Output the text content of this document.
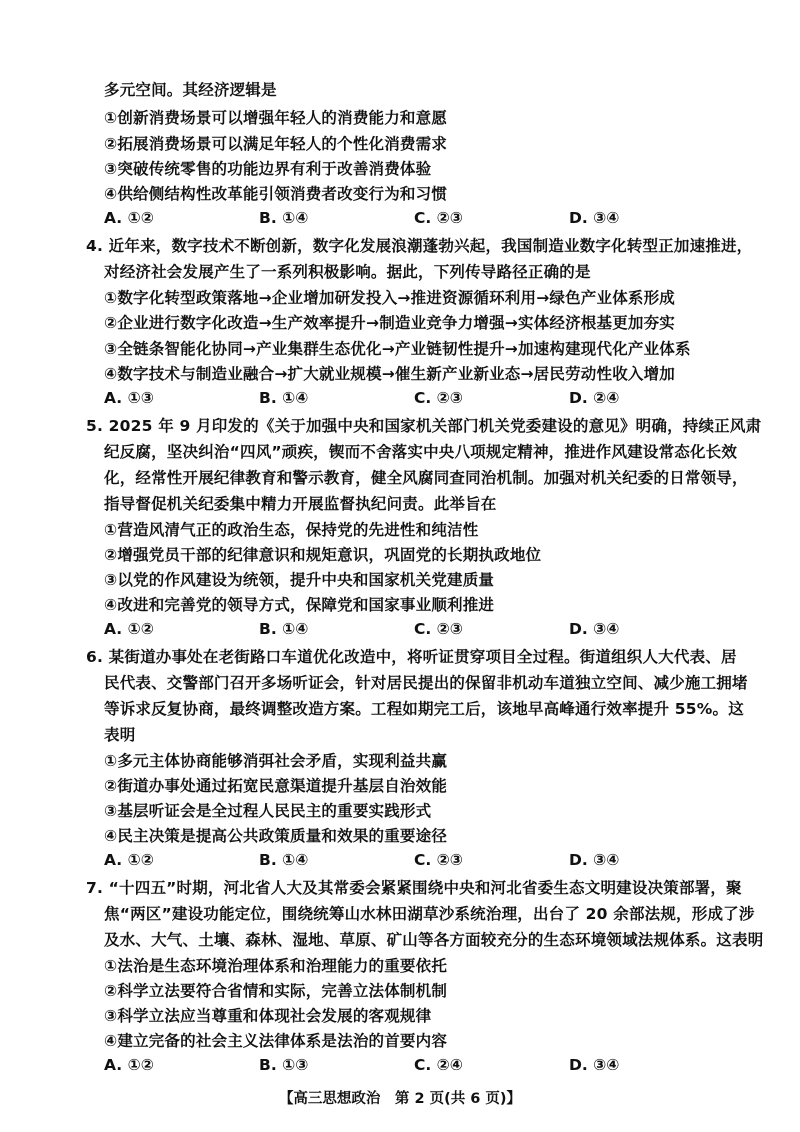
多元空间。其经济逻辑是
①创新消费场景可以增强年轻人的消费能力和意愿
②拓展消费场景可以满足年轻人的个性化消费需求
③突破传统零售的功能边界有利于改善消费体验
④供给侧结构性改革能引领消费者改变行为和习惯
A. ①②	B. ①④	C. ②③	D. ③④
4. 近年来，数字技术不断创新，数字化发展浪潮蓬勃兴起，我国制造业数字化转型正加速推进，
对经济社会发展产生了一系列积极影响。据此，下列传导路径正确的是
①数字化转型政策落地→企业增加研发投入→推进资源循环利用→绿色产业体系形成
②企业进行数字化改造→生产效率提升→制造业竞争力增强→实体经济根基更加夯实
③全链条智能化协同→产业集群生态优化→产业链韧性提升→加速构建现代化产业体系
④数字技术与制造业融合→扩大就业规模→催生新产业新业态→居民劳动性收入增加
A. ①③	B. ①④	C. ②③	D. ②④
5. 2025 年 9 月印发的《关于加强中央和国家机关部门机关党委建设的意见》明确，持续正风肃
纪反腐，坚决纠治“四风”顽疾，锲而不舍落实中央八项规定精神，推进作风建设常态化长效
化，经常性开展纪律教育和警示教育，健全风腐同查同治机制。加强对机关纪委的日常领导，
指导督促机关纪委集中精力开展监督执纪问责。此举旨在
①营造风清气正的政治生态，保持党的先进性和纯洁性
②增强党员干部的纪律意识和规矩意识，巩固党的长期执政地位
③以党的作风建设为统领，提升中央和国家机关党建质量
④改进和完善党的领导方式，保障党和国家事业顺利推进
A. ①②	B. ①④	C. ②③	D. ③④
6. 某街道办事处在老街路口车道优化改造中，将听证贯穿项目全过程。街道组织人大代表、居
民代表、交警部门召开多场听证会，针对居民提出的保留非机动车道独立空间、减少施工拥堵
等诉求反复协商，最终调整改造方案。工程如期完工后，该地早高峰通行效率提升 55%。这
表明
①多元主体协商能够消弭社会矛盾，实现利益共赢
②街道办事处通过拓宽民意渠道提升基层自治效能
③基层听证会是全过程人民民主的重要实践形式
④民主决策是提高公共政策质量和效果的重要途径
A. ①②	B. ①④	C. ②③	D. ③④
7. “十四五”时期，河北省人大及其常委会紧紧围绕中央和河北省委生态文明建设决策部署，聚
焦“两区”建设功能定位，围绕统筹山水林田湖草沙系统治理，出台了 20 余部法规，形成了涉
及水、大气、土壤、森林、湿地、草原、矿山等各方面较充分的生态环境领域法规体系。这表明
①法治是生态环境治理体系和治理能力的重要依托
②科学立法要符合省情和实际，完善立法体制机制
③科学立法应当尊重和体现社会发展的客观规律
④建立完备的社会主义法律体系是法治的首要内容
A. ①②	B. ①③	C. ②④	D. ③④
【高三思想政治　第 2 页(共 6 页)】
